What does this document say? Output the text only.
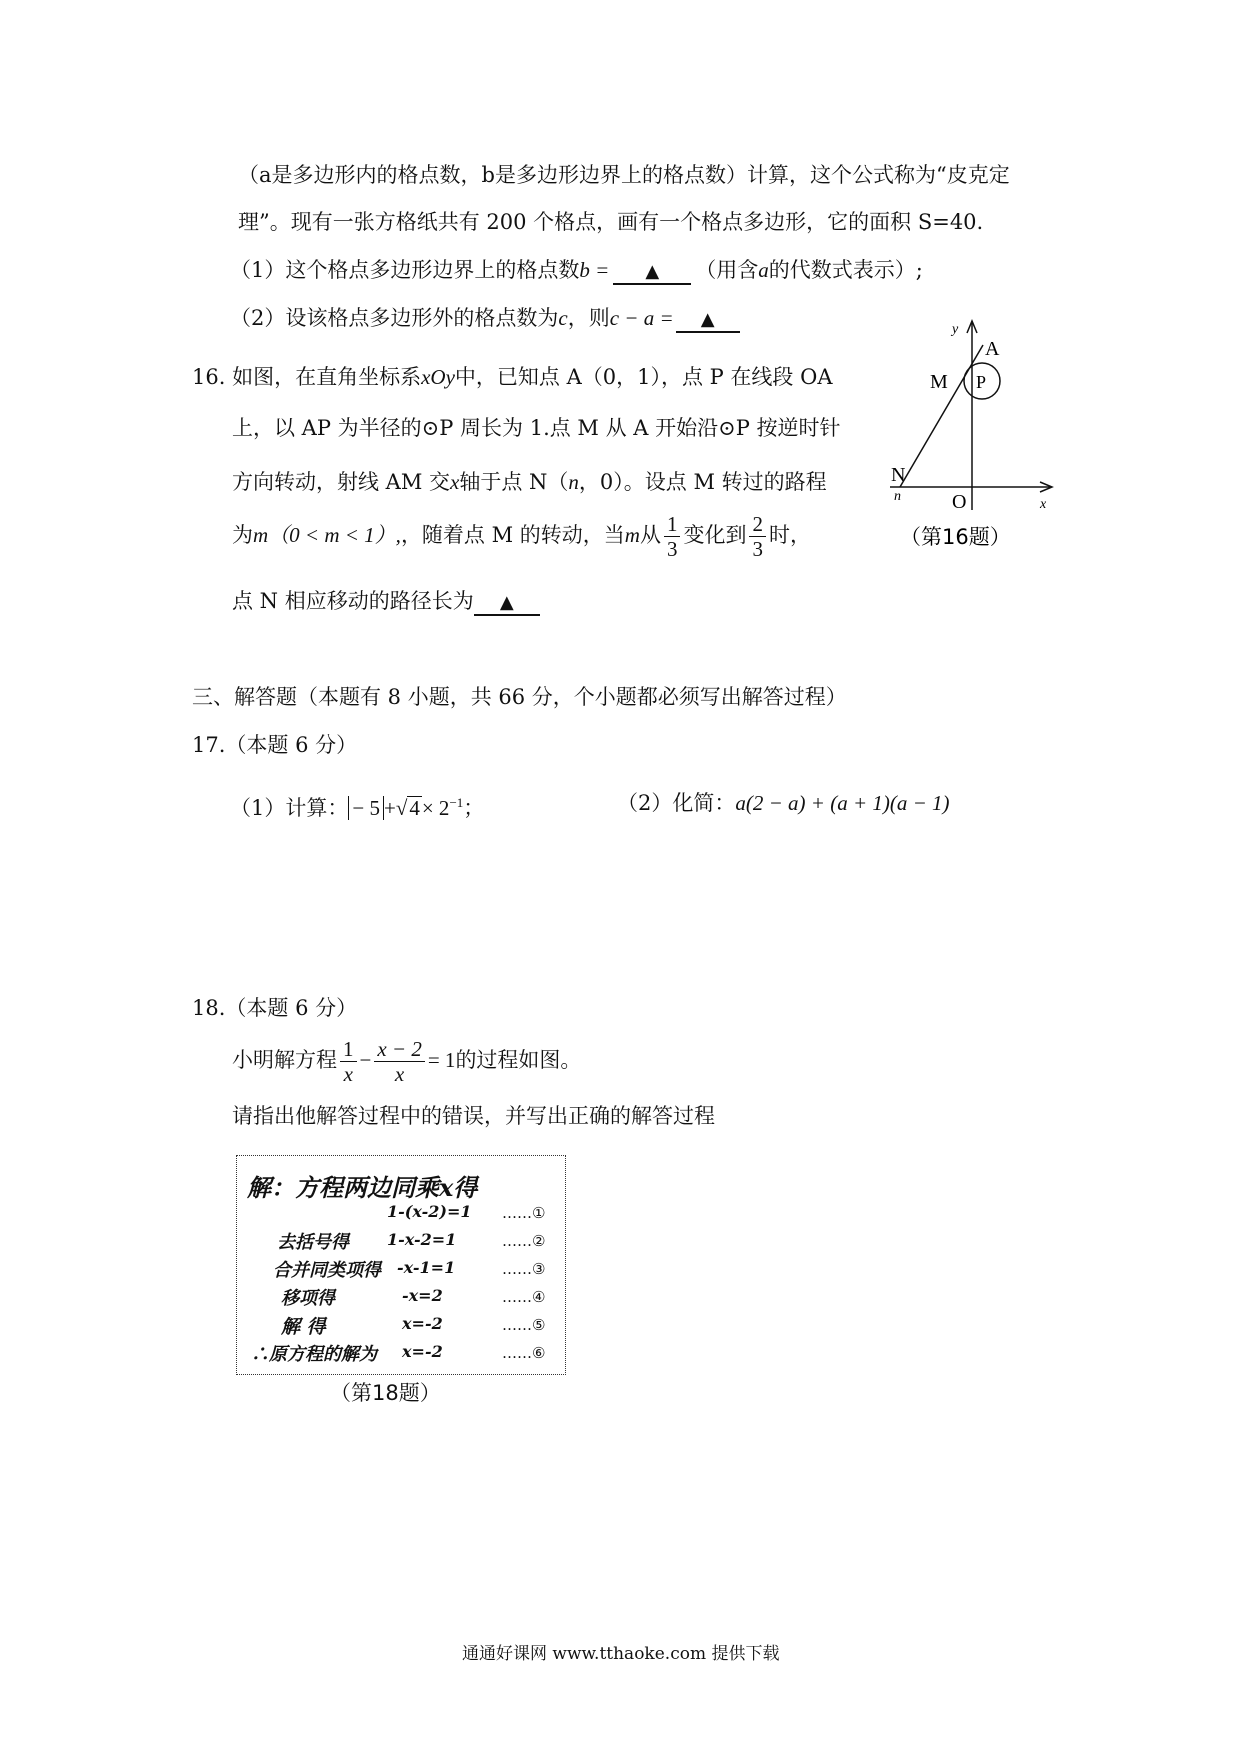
（a是多边形内的格点数，b是多边形边界上的格点数）计算，这个公式称为“皮克定
理”。现有一张方格纸共有 200 个格点，画有一个格点多边形，它的面积 S=40.
（1）这个格点多边形边界上的格点数b = ▲ （用含a的代数式表示）;
（2）设该格点多边形外的格点数为c，则c − a = ▲
16. 如图，在直角坐标系xOy中，已知点 A（0，1），点 P 在线段 OA
上，以 AP 为半径的⊙P 周长为 1.点 M 从 A 开始沿⊙P 按逆时针
方向转动，射线 AM 交x轴于点 N（n，0）。设点 M 转过的路程
为m（0 < m < 1）,，随着点 M 的转动，当m从 $\frac{1}{3}$ 变化到 $\frac{2}{3}$ 时，
点 N 相应移动的路径长为 ▲
y
A
M P
N
n	O	x
（第16题）
三、解答题（本题有 8 小题，共 66 分，个小题都必须写出解答过程）
17.（本题 6 分）
（1）计算： − $5 +√4\times 2^{-1}$；	（2）化简：a(2 − a) + (a + 1)(a − 1)
18.（本题 6 分）
小明解方程 $\frac{1}{x} - \frac{x - 2}{x} = 1$的过程如图。
请指出他解答过程中的错误，并写出正确的解答过程
解：方程两边同乘x得
1-(x-2)=1 ……①
去括号得 1-x-2=1	……②
合并同类项得 -x-1=1	……③
移项得	-x=2	……④
解 得	x=-2	……⑤
∴原方程的解为 x=-2	……⑥
（第18题）
通通好课网 www.tthaoke.com 提供下载
